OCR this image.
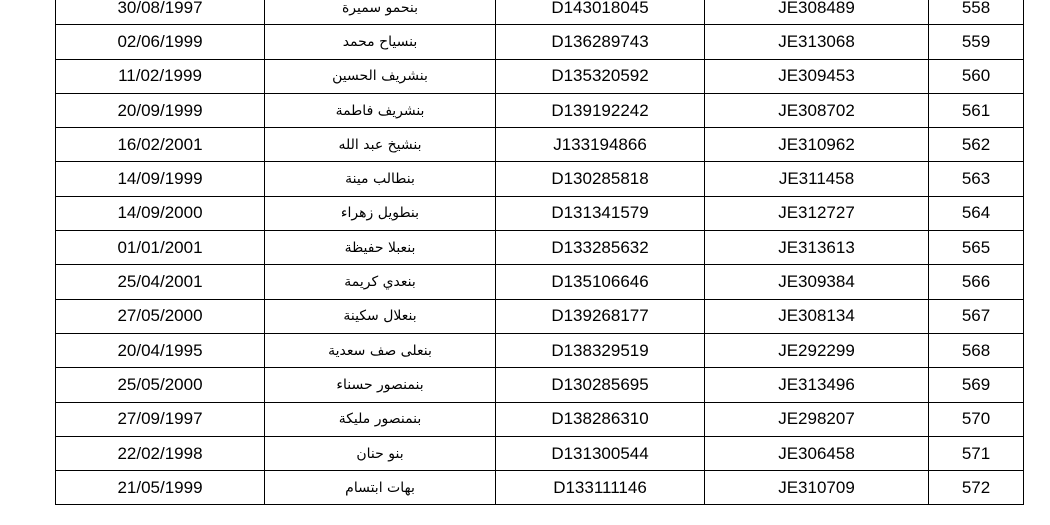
30/08/1997	بنحمو سميرة	D143018045	JE308489	558
02/06/1999	بنسياح محمد	D136289743	JE313068	559
11/02/1999	بنشريف الحسين	D135320592	JE309453	560
20/09/1999	بنشريف فاطمة	D139192242	JE308702	561
16/02/2001	بنشيخ عبد الله	J133194866	JE310962	562
14/09/1999	بنطالب مينة	D130285818	JE311458	563
14/09/2000	بنطويل زهراء	D131341579	JE312727	564
01/01/2001	بنعبلا حفيظة	D133285632	JE313613	565
25/04/2001	بنعدي كريمة	D135106646	JE309384	566
27/05/2000	بنعلال سكينة	D139268177	JE308134	567
20/04/1995	بنعلى صف سعدية	D138329519	JE292299	568
25/05/2000	بنمنصور حسناء	D130285695	JE313496	569
27/09/1997	بنمنصور مليكة	D138286310	JE298207	570
22/02/1998	بنو حنان	D131300544	JE306458	571
21/05/1999	بهات ابتسام	D133111146	JE310709	572
